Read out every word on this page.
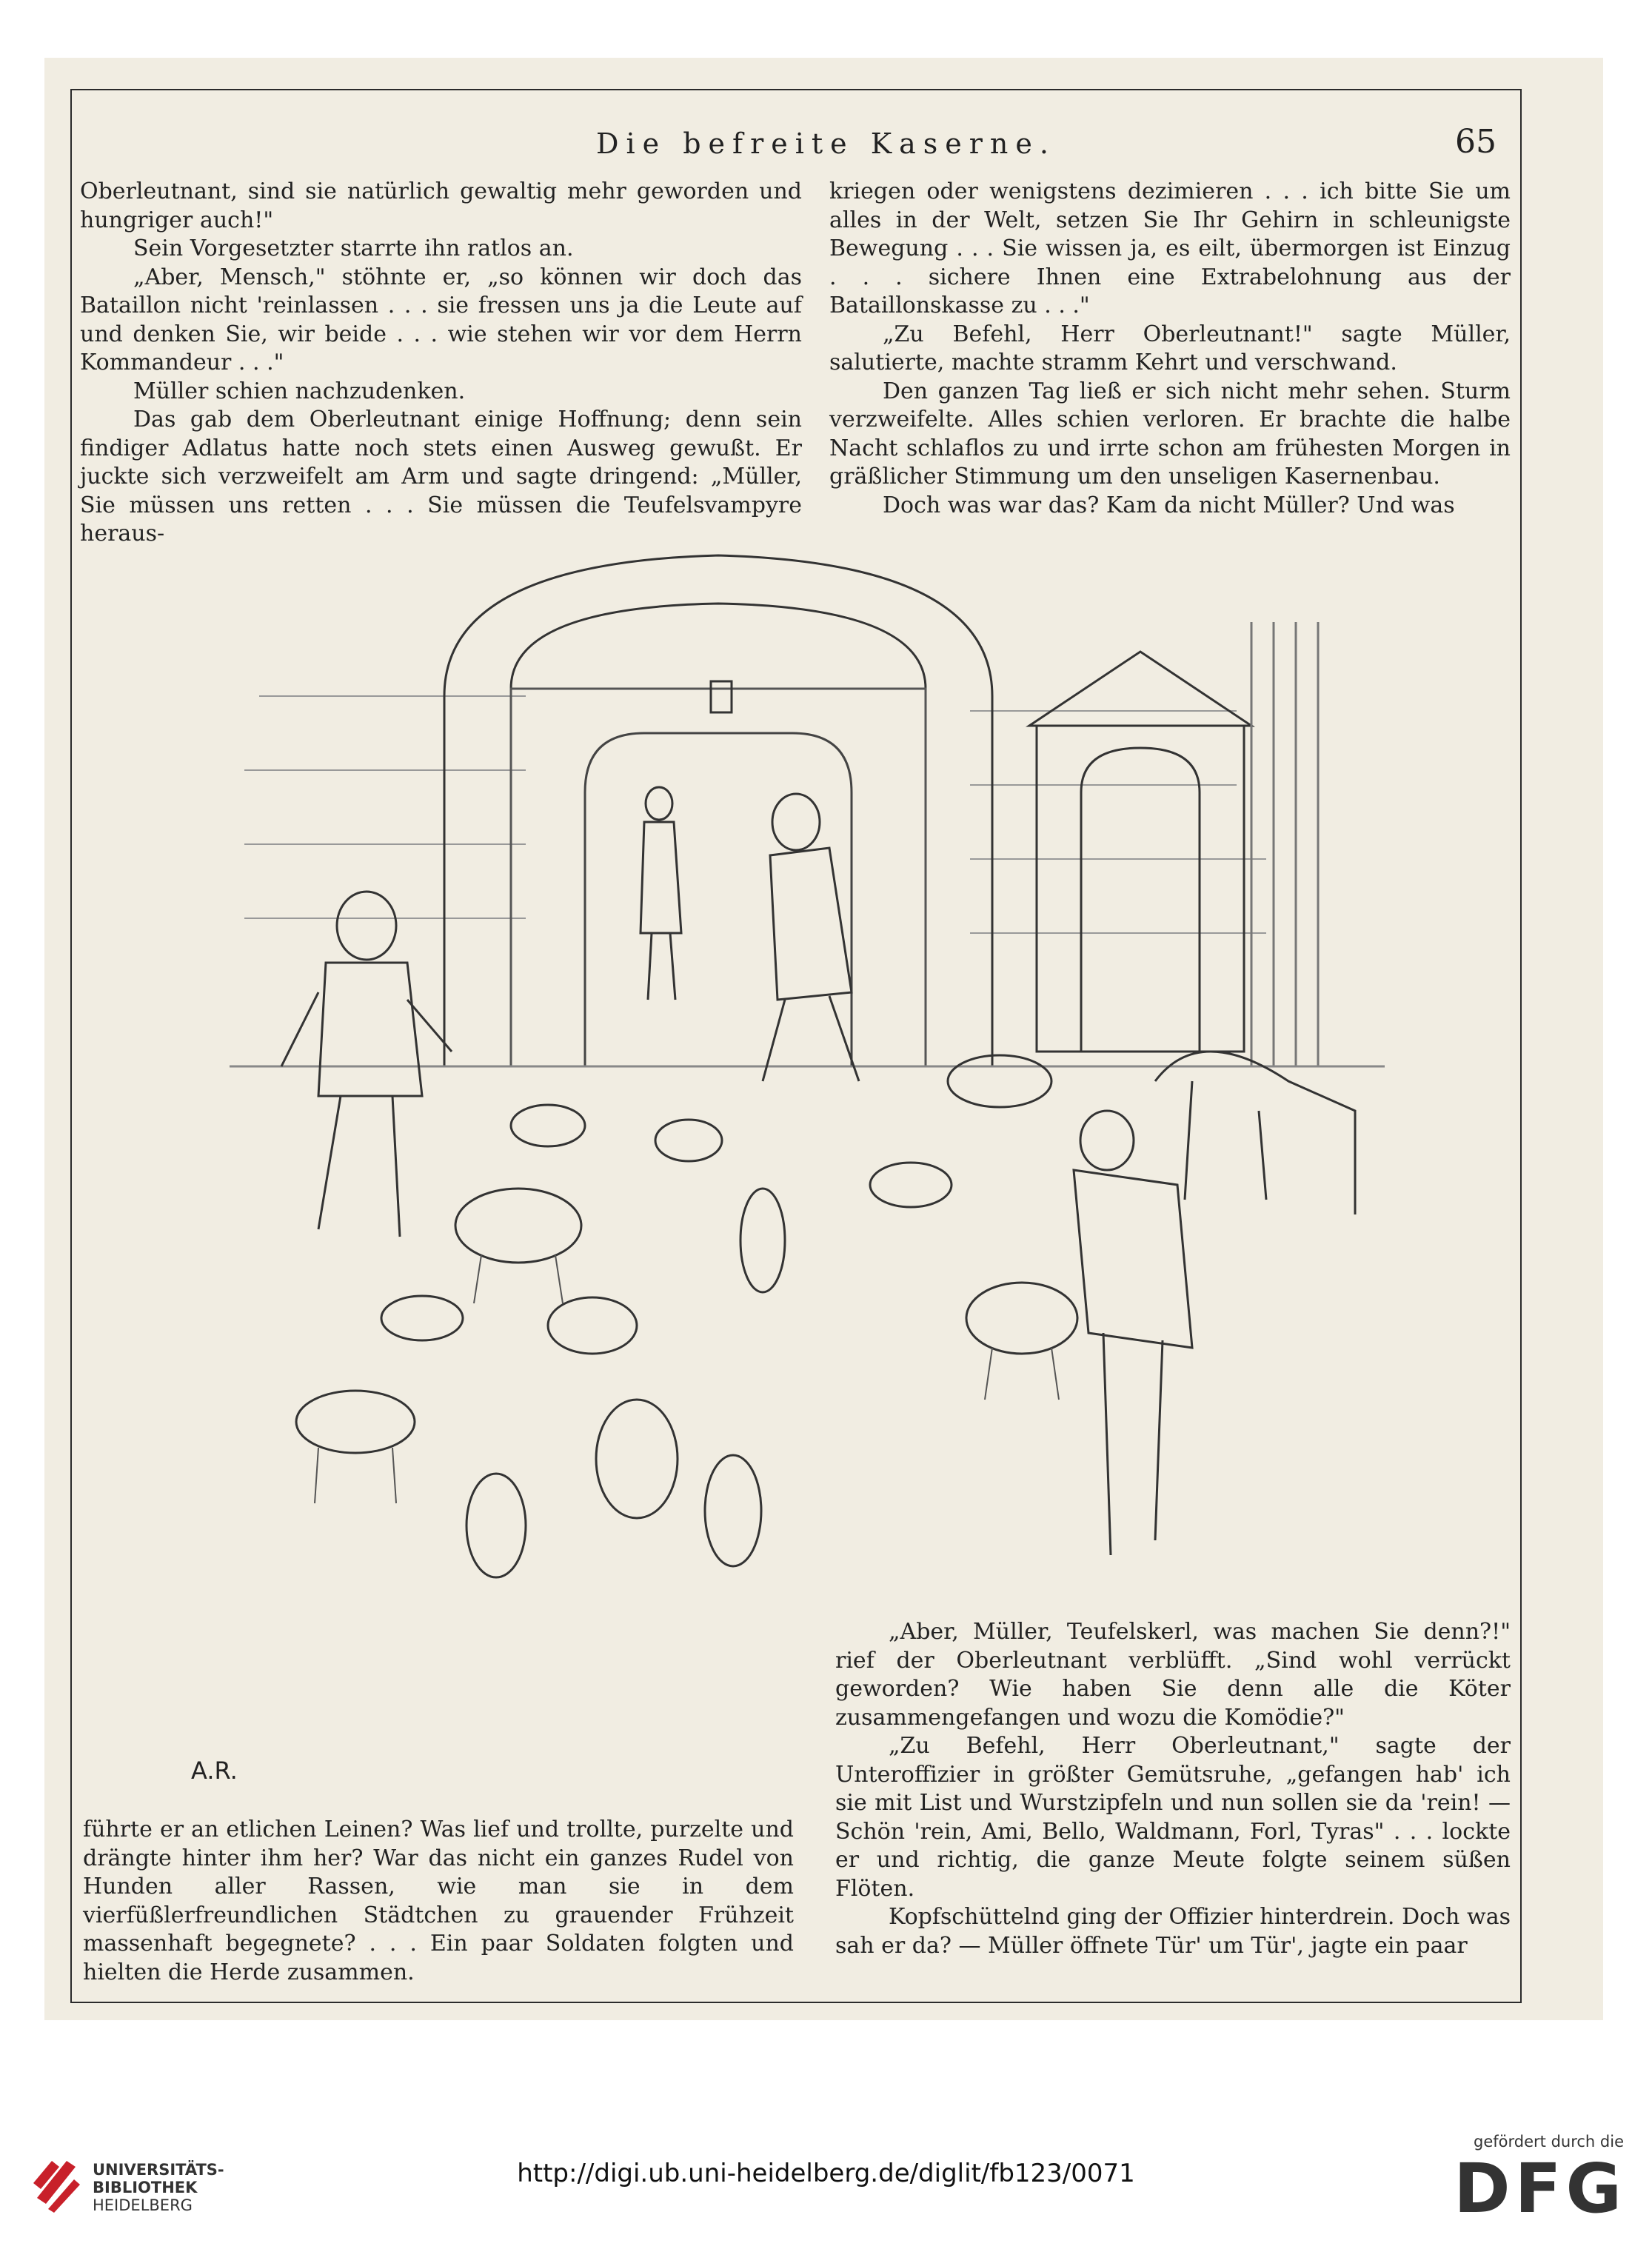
Die befreite Kaserne.	65

Oberleutnant, sind sie natürlich gewaltig mehr geworden und hungriger auch!"

Sein Vorgesetzter starrte ihn ratlos an.

„Aber, Mensch," stöhnte er, „so können wir doch das Bataillon nicht 'reinlassen . . . sie fressen uns ja die Leute auf und denken Sie, wir beide . . . wie stehen wir vor dem Herrn Kommandeur . . ."

Müller schien nachzudenken.

Das gab dem Oberleutnant einige Hoffnung; denn sein findiger Adlatus hatte noch stets einen Ausweg gewußt. Er juckte sich verzweifelt am Arm und sagte dringend: „Müller, Sie müssen uns retten . . . Sie müssen die Teufelsvampyre heraus-

kriegen oder wenigstens dezimieren . . . ich bitte Sie um alles in der Welt, setzen Sie Ihr Gehirn in schleunigste Bewegung . . . Sie wissen ja, es eilt, übermorgen ist Einzug . . . sichere Ihnen eine Extrabelohnung aus der Bataillonskasse zu . . ."

„Zu Befehl, Herr Oberleutnant!" sagte Müller, salutierte, machte stramm Kehrt und verschwand.

Den ganzen Tag ließ er sich nicht mehr sehen. Sturm verzweifelte. Alles schien verloren. Er brachte die halbe Nacht schlaflos zu und irrte schon am frühesten Morgen in gräßlicher Stimmung um den unseligen Kasernenbau.

Doch was war das? Kam da nicht Müller? Und was

A.R.

„Aber, Müller, Teufelskerl, was machen Sie denn?!" rief der Oberleutnant verblüfft. „Sind wohl verrückt geworden? Wie haben Sie denn alle die Köter zusammengefangen und wozu die Komödie?"

„Zu Befehl, Herr Oberleutnant," sagte der Unteroffizier in größter Gemütsruhe, „gefangen hab' ich sie mit List und Wurstzipfeln und nun sollen sie da 'rein! — Schön 'rein, Ami, Bello, Waldmann, Forl, Tyras" . . . lockte er und richtig, die ganze Meute folgte seinem süßen Flöten.

Kopfschüttelnd ging der Offizier hinterdrein. Doch was sah er da? — Müller öffnete Tür' um Tür', jagte ein paar

führte er an etlichen Leinen? Was lief und trollte, purzelte und drängte hinter ihm her? War das nicht ein ganzes Rudel von Hunden aller Rassen, wie man sie in dem vierfüßlerfreundlichen Städtchen zu grauender Frühzeit massenhaft begegnete? . . . Ein paar Soldaten folgten und hielten die Herde zusammen.

UNIVERSITÄTS-
BIBLIOTHEK
HEIDELBERG
http://digi.ub.uni-heidelberg.de/diglit/fb123/0071
gefördert durch die
DFG
